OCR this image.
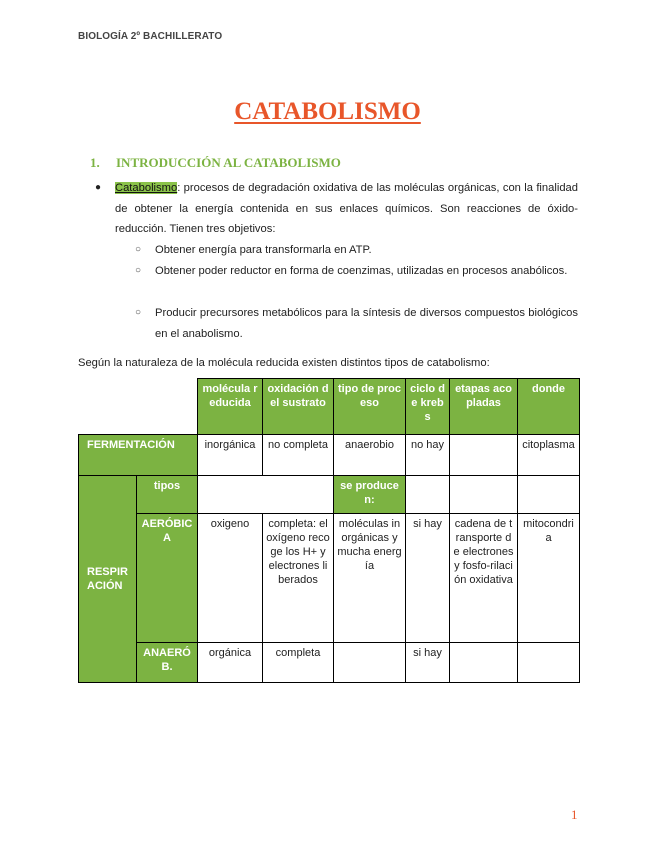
BIOLOGÍA 2º BACHILLERATO
CATABOLISMO
1. INTRODUCCIÓN AL CATABOLISMO
● Catabolismo: procesos de degradación oxidativa de las moléculas orgánicas, con la finalidad de obtener la energía contenida en sus enlaces químicos. Son reacciones de óxido-reducción. Tienen tres objetivos:
○ Obtener energía para transformarla en ATP.
○ Obtener poder reductor en forma de coenzimas, utilizadas en procesos anabólicos.
○ Producir precursores metabólicos para la síntesis de diversos compuestos biológicos en el anabolismo.
Según la naturaleza de la molécula reducida existen distintos tipos de catabolismo:
		molécula reducida	oxidación del sustrato	tipo de proceso	ciclo de krebs	etapas acopladas	donde
FERMENTACIÓN		inorgánica	no completa	anaerobio	no hay		citoplasma
RESPIRACIÓN	tipos			se producen:			
	AERÓBICA	oxigeno	completa: el oxígeno recoge los H+ y electrones liberados	moléculas inorgánicas y mucha energía	si hay	cadena de transporte de electrones y fosfo-rilación oxidativa	mitocondria
	ANAERÓB.	orgánica	completa		si hay		
1
